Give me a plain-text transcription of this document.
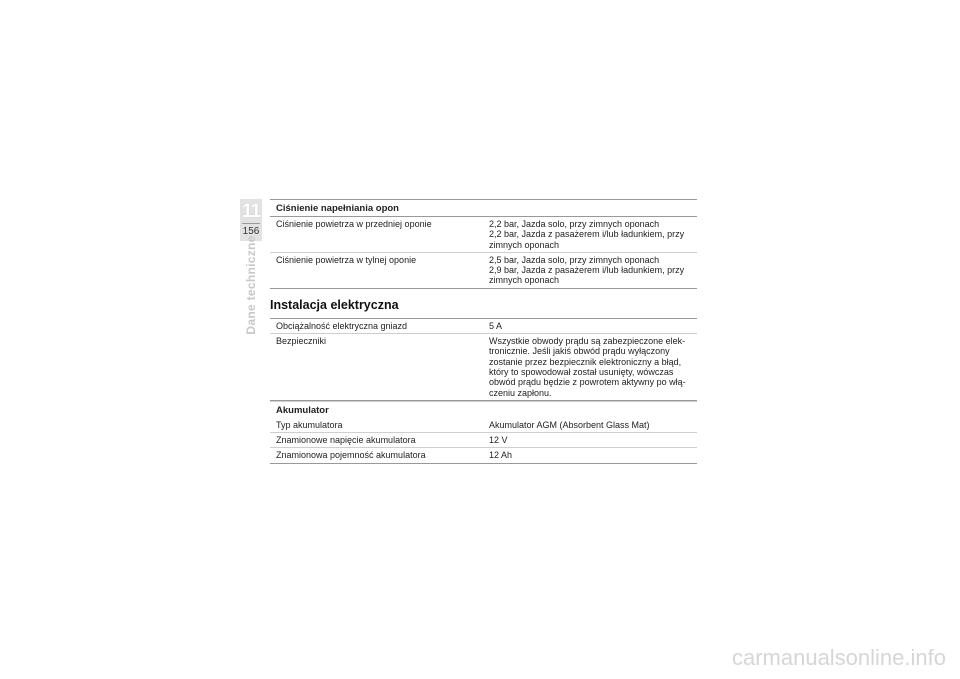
11
156
Dane techniczne
Ciśnienie napełniania opon
Ciśnienie powietrza w przedniej oponie	2,2 bar, Jazda solo, przy zimnych oponach
2,2 bar, Jazda z pasażerem i/lub ładunkiem, przy zimnych oponach
Ciśnienie powietrza w tylnej oponie	2,5 bar, Jazda solo, przy zimnych oponach
2,9 bar, Jazda z pasażerem i/lub ładunkiem, przy zimnych oponach
Instalacja elektryczna
Obciążalność elektryczna gniazd	5 A
Bezpieczniki	Wszystkie obwody prądu są zabezpieczone elek- tronicznie. Jeśli jakiś obwód prądu wyłączony zostanie przez bezpiecznik elektroniczny a błąd, który to spowodował został usunięty, wówczas obwód prądu będzie z powrotem aktywny po włą- czeniu zapłonu.
Akumulator
Typ akumulatora	Akumulator AGM (Absorbent Glass Mat)
Znamionowe napięcie akumulatora	12 V
Znamionowa pojemność akumulatora	12 Ah
carmanualsonline.info
